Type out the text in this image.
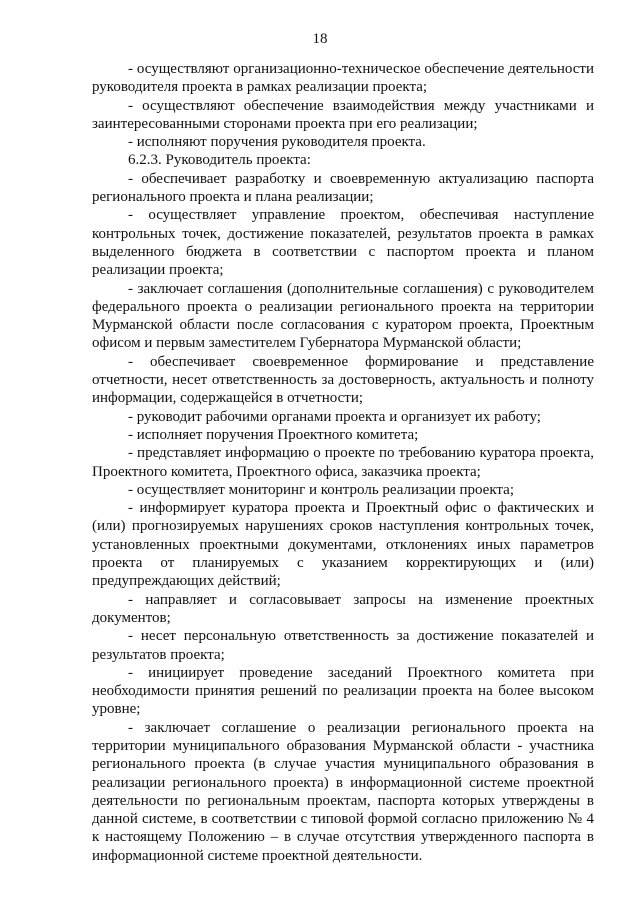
18

- осуществляют организационно-техническое обеспечение деятельности руководителя проекта в рамках реализации проекта;

- осуществляют обеспечение взаимодействия между участниками и заинтересованными сторонами проекта при его реализации;

- исполняют поручения руководителя проекта.

6.2.3. Руководитель проекта:

- обеспечивает разработку и своевременную актуализацию паспорта регионального проекта и плана реализации;

- осуществляет управление проектом, обеспечивая наступление контрольных точек, достижение показателей, результатов проекта в рамках выделенного бюджета в соответствии с паспортом проекта и планом реализации проекта;

- заключает соглашения (дополнительные соглашения) с руководителем федерального проекта о реализации регионального проекта на территории Мурманской области после согласования с куратором проекта, Проектным офисом и первым заместителем Губернатора Мурманской области;

- обеспечивает своевременное формирование и представление отчетности, несет ответственность за достоверность, актуальность и полноту информации, содержащейся в отчетности;

- руководит рабочими органами проекта и организует их работу;

- исполняет поручения Проектного комитета;

- представляет информацию о проекте по требованию куратора проекта, Проектного комитета, Проектного офиса, заказчика проекта;

- осуществляет мониторинг и контроль реализации проекта;

- информирует куратора проекта и Проектный офис о фактических и (или) прогнозируемых нарушениях сроков наступления контрольных точек, установленных проектными документами, отклонениях иных параметров проекта от планируемых с указанием корректирующих и (или) предупреждающих действий;

- направляет и согласовывает запросы на изменение проектных документов;

- несет персональную ответственность за достижение показателей и результатов проекта;

- инициирует проведение заседаний Проектного комитета при необходимости принятия решений по реализации проекта на более высоком уровне;

- заключает соглашение о реализации регионального проекта на территории муниципального образования Мурманской области - участника регионального проекта (в случае участия муниципального образования в реализации регионального проекта) в информационной системе проектной деятельности по региональным проектам, паспорта которых утверждены в данной системе, в соответствии с типовой формой согласно приложению № 4 к настоящему Положению – в случае отсутствия утвержденного паспорта в информационной системе проектной деятельности.
